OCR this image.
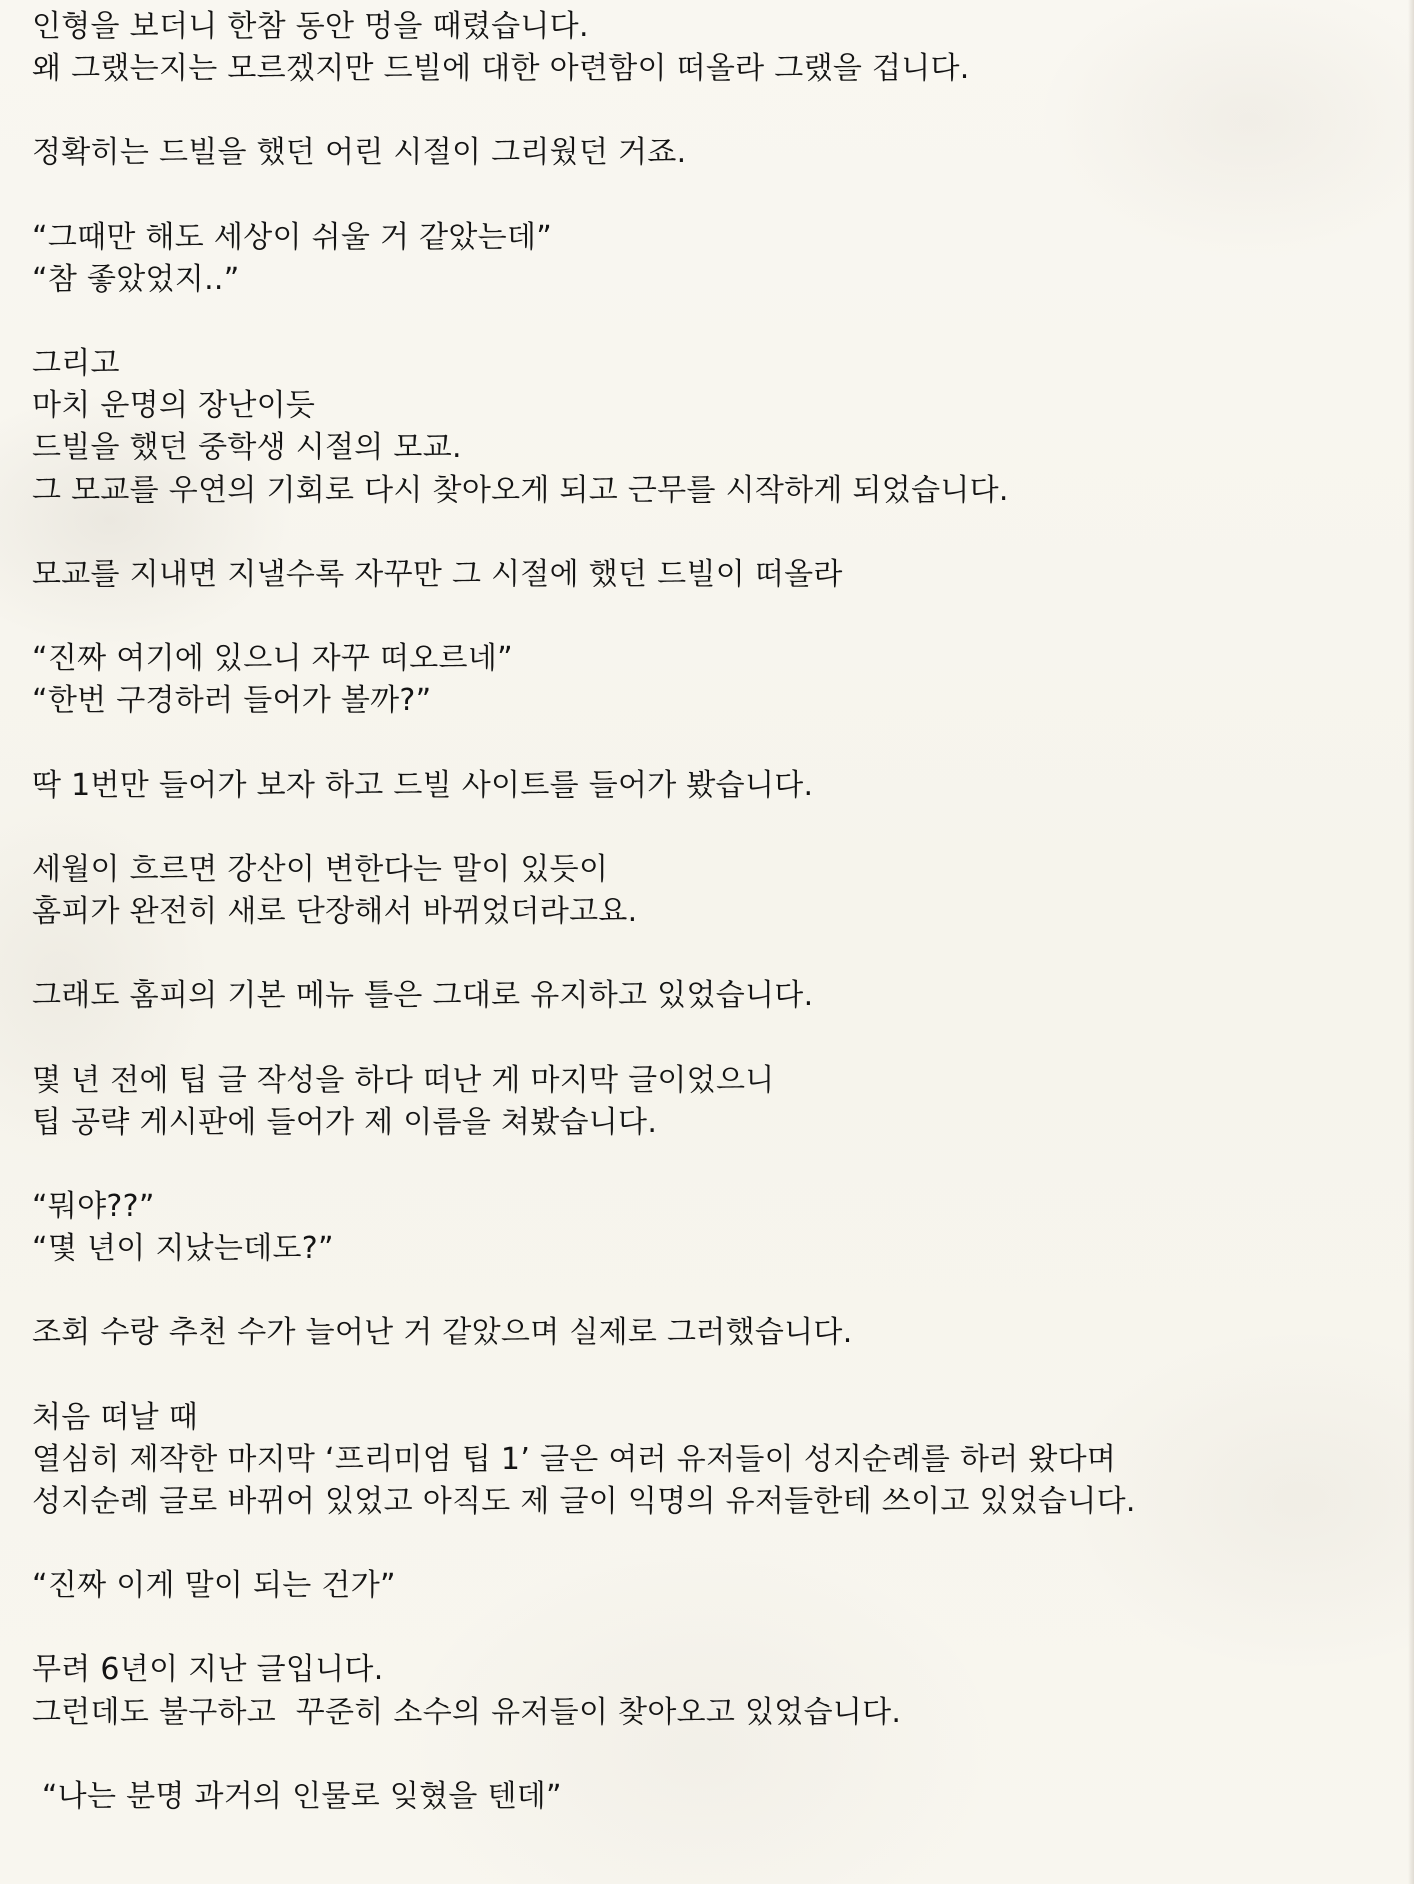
인형을 보더니 한참 동안 멍을 때렸습니다.
왜 그랬는지는 모르겠지만 드빌에 대한 아련함이 떠올라 그랬을 겁니다.
정확히는 드빌을 했던 어린 시절이 그리웠던 거죠.
“그때만 해도 세상이 쉬울 거 같았는데”
“참 좋았었지..”
그리고
마치 운명의 장난이듯
드빌을 했던 중학생 시절의 모교.
그 모교를 우연의 기회로 다시 찾아오게 되고 근무를 시작하게 되었습니다.
모교를 지내면 지낼수록 자꾸만 그 시절에 했던 드빌이 떠올라
“진짜 여기에 있으니 자꾸 떠오르네”
“한번 구경하러 들어가 볼까?”
딱 1번만 들어가 보자 하고 드빌 사이트를 들어가 봤습니다.
세월이 흐르면 강산이 변한다는 말이 있듯이
홈피가 완전히 새로 단장해서 바뀌었더라고요.
그래도 홈피의 기본 메뉴 틀은 그대로 유지하고 있었습니다.
몇 년 전에 팁 글 작성을 하다 떠난 게 마지막 글이었으니
팁 공략 게시판에 들어가 제 이름을 쳐봤습니다.
“뭐야??”
“몇 년이 지났는데도?”
조회 수랑 추천 수가 늘어난 거 같았으며 실제로 그러했습니다.
처음 떠날 때
열심히 제작한 마지막 ‘프리미엄 팁 1’ 글은 여러 유저들이 성지순례를 하러 왔다며
성지순례 글로 바뀌어 있었고 아직도 제 글이 익명의 유저들한테 쓰이고 있었습니다.
“진짜 이게 말이 되는 건가”
무려 6년이 지난 글입니다.
그런데도 불구하고  꾸준히 소수의 유저들이 찾아오고 있었습니다.
“나는 분명 과거의 인물로 잊혔을 텐데”
